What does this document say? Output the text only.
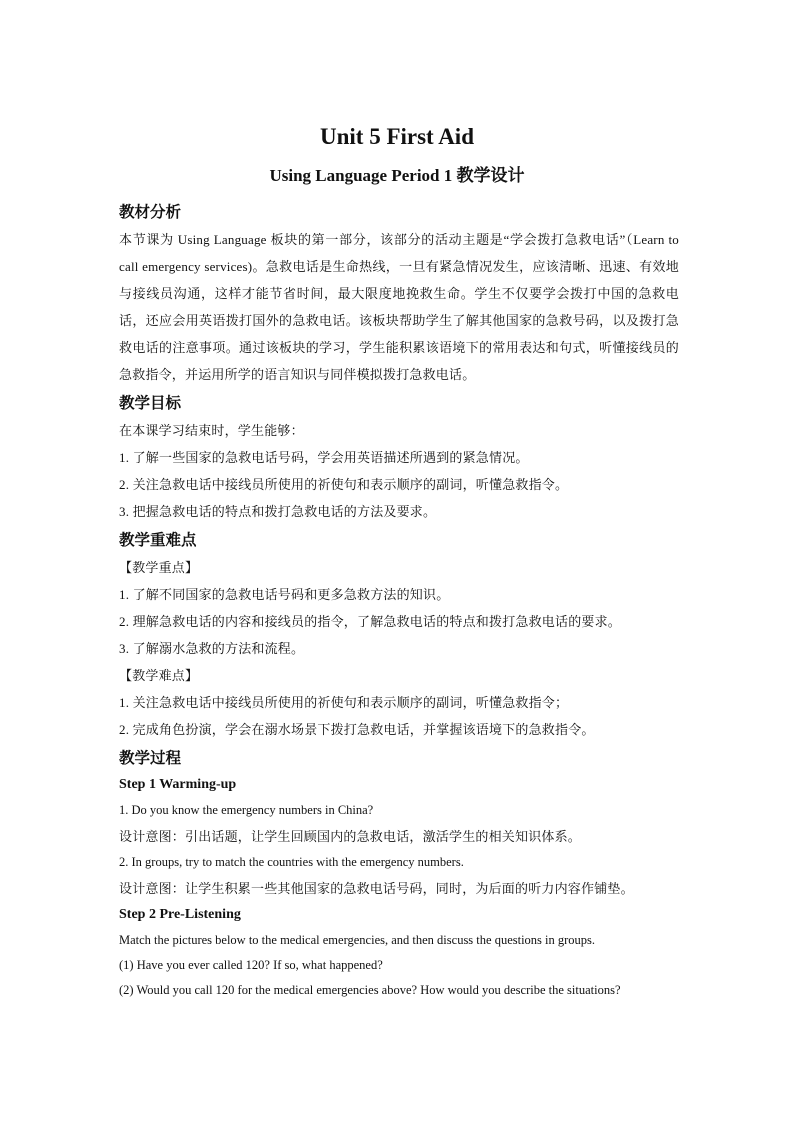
Unit 5 First Aid
Using Language Period 1 教学设计
教材分析

本节课为 Using Language 板块的第一部分，该部分的活动主题是“学会拨打急救电话”（Learn to call emergency services)。急救电话是生命热线，一旦有紧急情况发生，应该清晰、迅速、有效地与接线员沟通，这样才能节省时间，最大限度地挽救生命。学生不仅要学会拨打中国的急救电话，还应会用英语拨打国外的急救电话。该板块帮助学生了解其他国家的急救号码，以及拨打急救电话的注意事项。通过该板块的学习，学生能积累该语境下的常用表达和句式，听懂接线员的急救指令，并运用所学的语言知识与同伴模拟拨打急救电话。

教学目标
在本课学习结束时，学生能够：
1. 了解一些国家的急救电话号码，学会用英语描述所遇到的紧急情况。
2. 关注急救电话中接线员所使用的祈使句和表示顺序的副词，听懂急救指令。
3. 把握急救电话的特点和拨打急救电话的方法及要求。
教学重难点
【教学重点】
1. 了解不同国家的急救电话号码和更多急救方法的知识。
2. 理解急救电话的内容和接线员的指令，了解急救电话的特点和拨打急救电话的要求。
3. 了解溺水急救的方法和流程。
【教学难点】
1. 关注急救电话中接线员所使用的祈使句和表示顺序的副词，听懂急救指令；
2. 完成角色扮演，学会在溺水场景下拨打急救电话，并掌握该语境下的急救指令。
教学过程
Step 1 Warming-up
1. Do you know the emergency numbers in China?
设计意图：引出话题，让学生回顾国内的急救电话，激活学生的相关知识体系。
2. In groups, try to match the countries with the emergency numbers.
设计意图：让学生积累一些其他国家的急救电话号码，同时，为后面的听力内容作铺垫。
Step 2 Pre-Listening
Match the pictures below to the medical emergencies, and then discuss the questions in groups.
(1) Have you ever called 120? If so, what happened?
(2) Would you call 120 for the medical emergencies above? How would you describe the situations?
